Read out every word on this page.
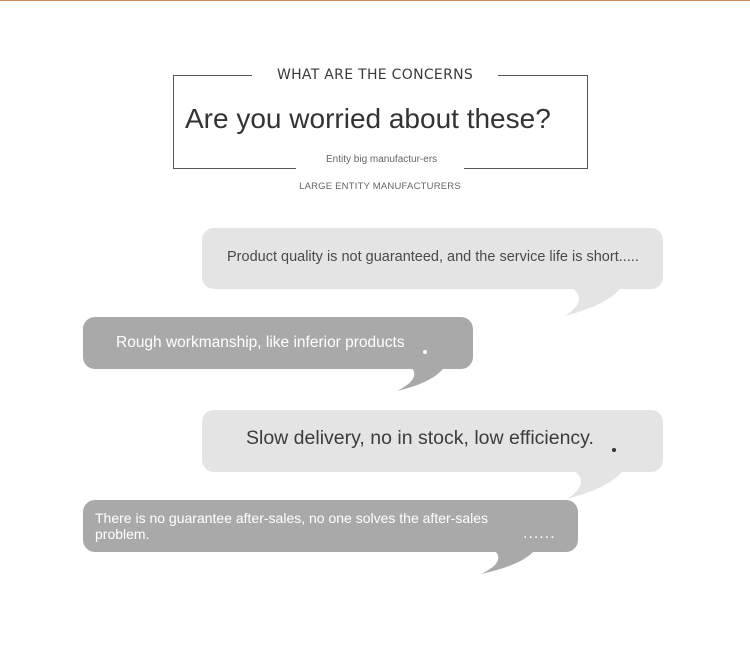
WHAT ARE THE CONCERNS
Are you worried about these?
Entity big manufactur-ers
LARGE ENTITY MANUFACTURERS
Product quality is not guaranteed, and the service life is short.....
Rough workmanship, like inferior products
Slow delivery, no in stock, low efficiency.
There is no guarantee after-sales, no one solves the after-sales problem.	......
